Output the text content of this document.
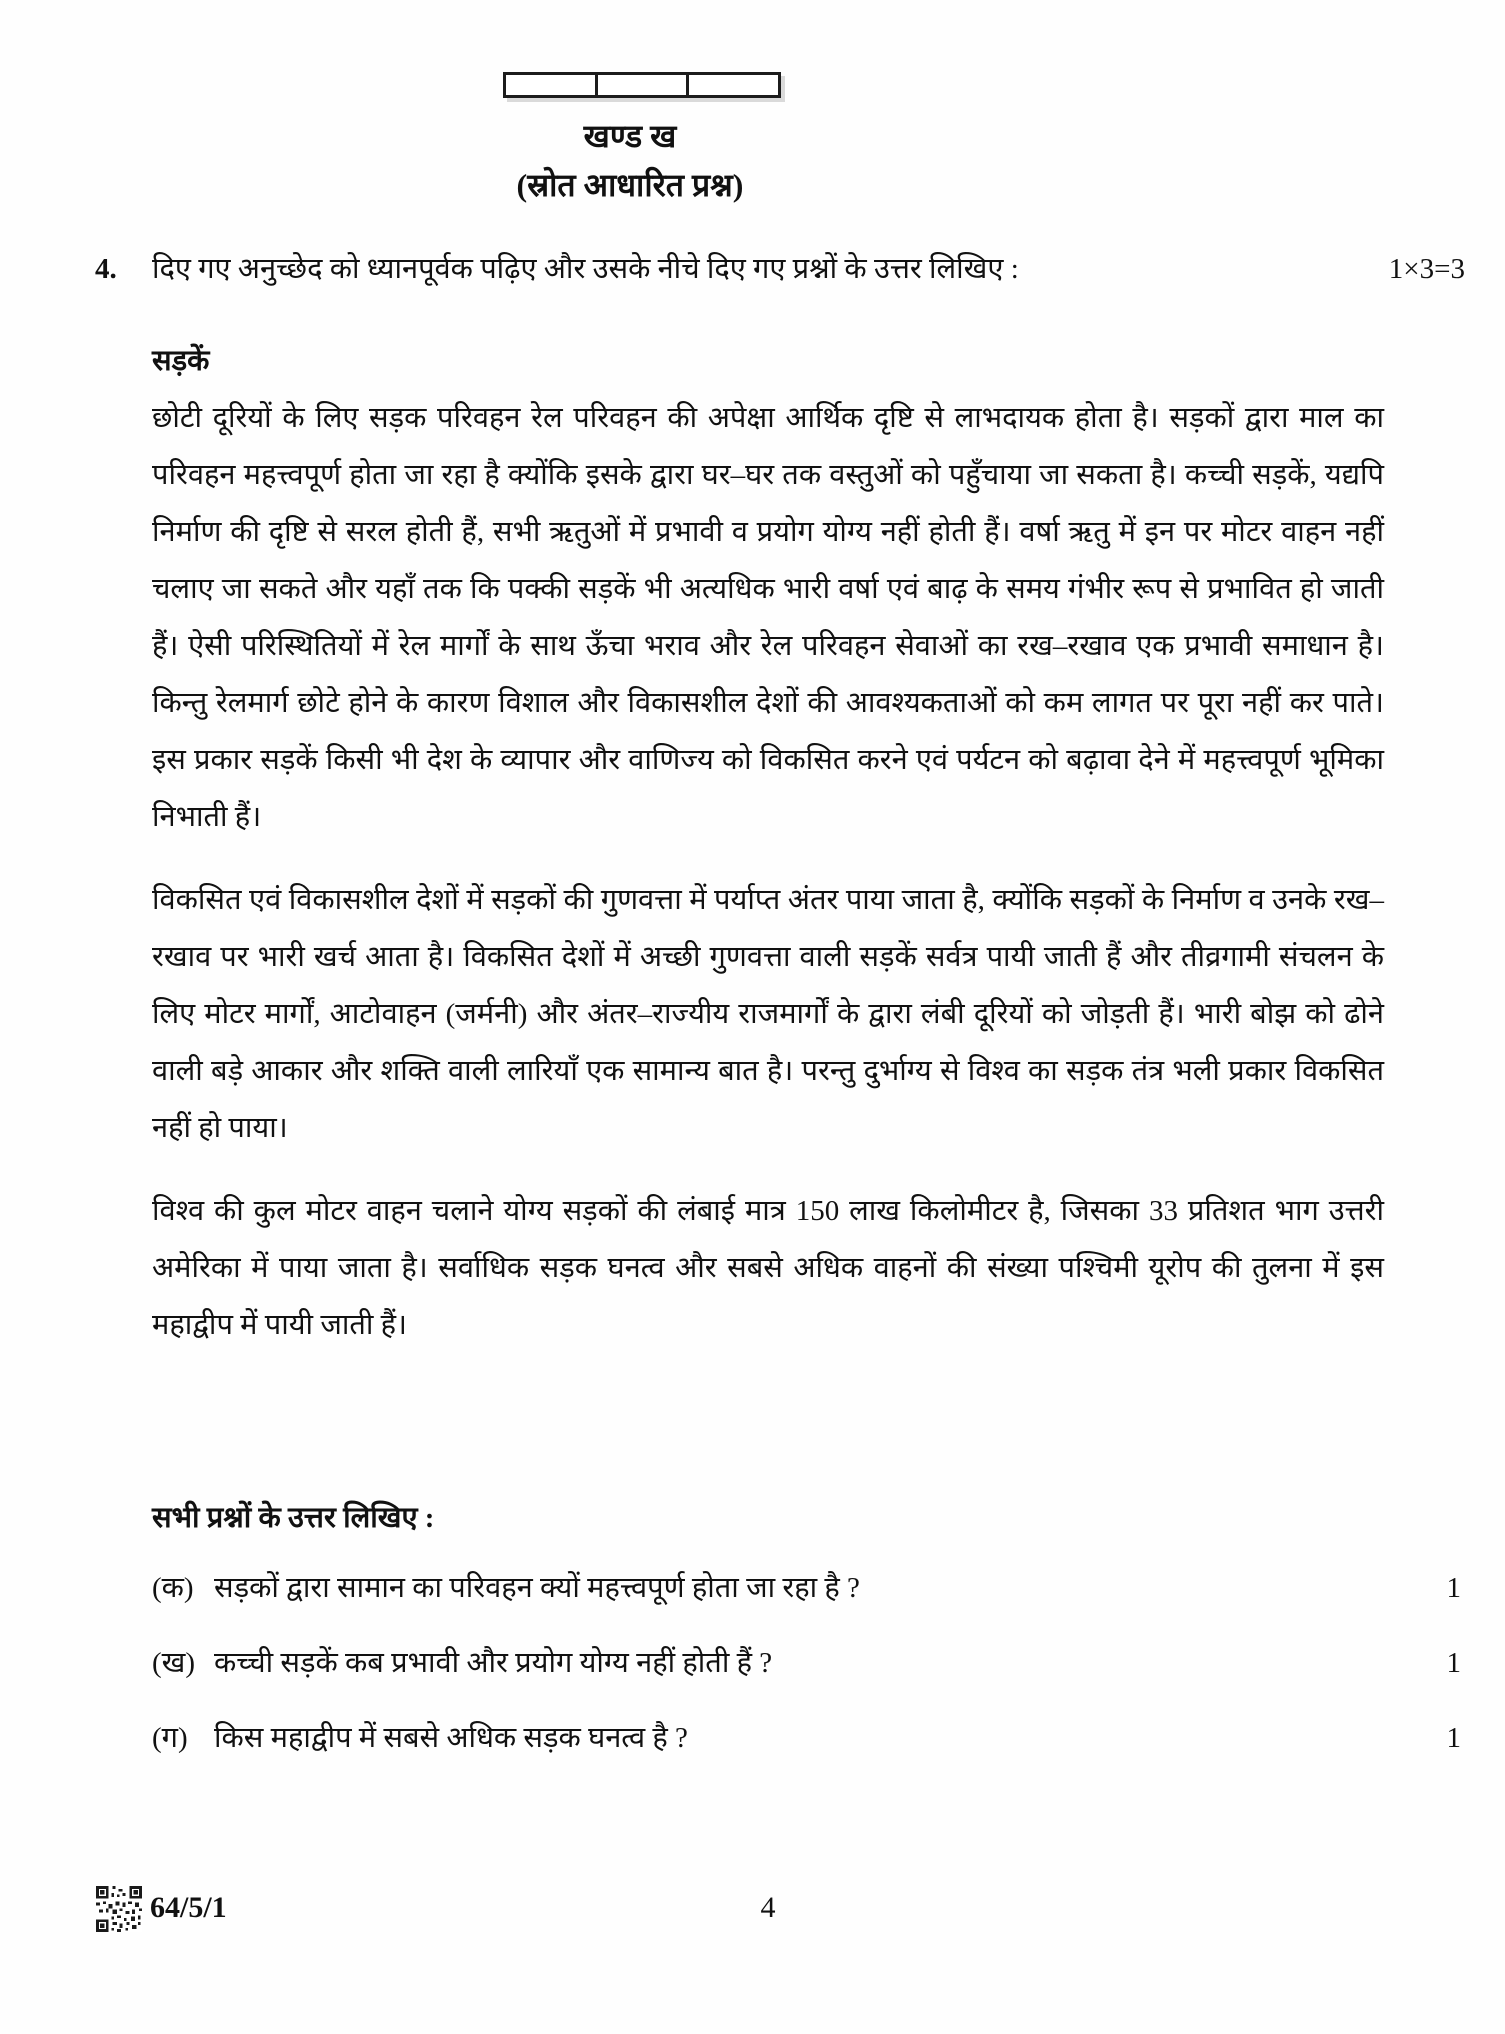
खण्ड ख
(स्रोत आधारित प्रश्न)
4.	दिए गए अनुच्छेद को ध्यानपूर्वक पढ़िए और उसके नीचे दिए गए प्रश्नों के उत्तर लिखिए :	1×3=3
सड़कें

छोटी दूरियों के लिए सड़क परिवहन रेल परिवहन की अपेक्षा आर्थिक दृष्टि से लाभदायक होता है। सड़कों द्वारा माल का परिवहन महत्त्वपूर्ण होता जा रहा है क्योंकि इसके द्वारा घर–घर तक वस्तुओं को पहुँचाया जा सकता है। कच्ची सड़कें, यद्यपि निर्माण की दृष्टि से सरल होती हैं, सभी ऋतुओं में प्रभावी व प्रयोग योग्य नहीं होती हैं। वर्षा ऋतु में इन पर मोटर वाहन नहीं चलाए जा सकते और यहाँ तक कि पक्की सड़कें भी अत्यधिक भारी वर्षा एवं बाढ़ के समय गंभीर रूप से प्रभावित हो जाती हैं। ऐसी परिस्थितियों में रेल मार्गों के साथ ऊँचा भराव और रेल परिवहन सेवाओं का रख–रखाव एक प्रभावी समाधान है। किन्तु रेलमार्ग छोटे होने के कारण विशाल और विकासशील देशों की आवश्यकताओं को कम लागत पर पूरा नहीं कर पाते। इस प्रकार सड़कें किसी भी देश के व्यापार और वाणिज्य को विकसित करने एवं पर्यटन को बढ़ावा देने में महत्त्वपूर्ण भूमिका निभाती हैं।

विकसित एवं विकासशील देशों में सड़कों की गुणवत्ता में पर्याप्त अंतर पाया जाता है, क्योंकि सड़कों के निर्माण व उनके रख–रखाव पर भारी खर्च आता है। विकसित देशों में अच्छी गुणवत्ता वाली सड़कें सर्वत्र पायी जाती हैं और तीव्रगामी संचलन के लिए मोटर मार्गों, आटोवाहन (जर्मनी) और अंतर–राज्यीय राजमार्गों के द्वारा लंबी दूरियों को जोड़ती हैं। भारी बोझ को ढोने वाली बड़े आकार और शक्ति वाली लारियाँ एक सामान्य बात है। परन्तु दुर्भाग्य से विश्व का सड़क तंत्र भली प्रकार विकसित नहीं हो पाया।

विश्व की कुल मोटर वाहन चलाने योग्य सड़कों की लंबाई मात्र 150 लाख किलोमीटर है, जिसका 33 प्रतिशत भाग उत्तरी अमेरिका में पाया जाता है। सर्वाधिक सड़क घनत्व और सबसे अधिक वाहनों की संख्या पश्चिमी यूरोप की तुलना में इस महाद्वीप में पायी जाती हैं।

सभी प्रश्नों के उत्तर लिखिए :
(क) सड़कों द्वारा सामान का परिवहन क्यों महत्त्वपूर्ण होता जा रहा है ?	1
(ख) कच्ची सड़कें कब प्रभावी और प्रयोग योग्य नहीं होती हैं ?	1
(ग) किस महाद्वीप में सबसे अधिक सड़क घनत्व है ?	1
64/5/1	4
